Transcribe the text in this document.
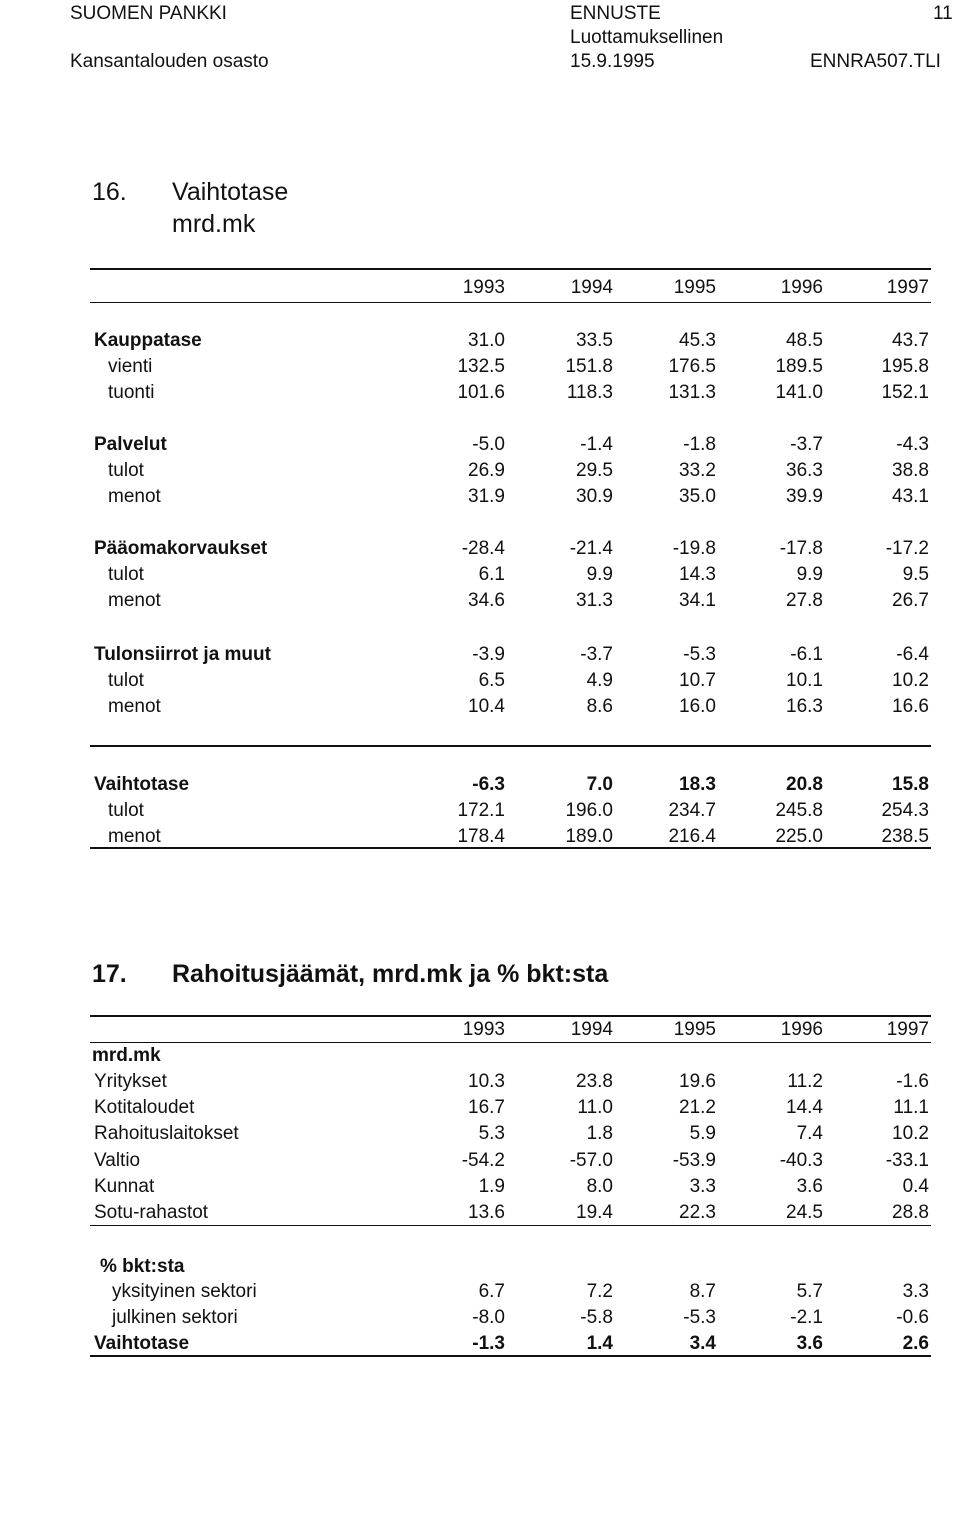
SUOMEN PANKKI
Kansantalouden osasto
ENNUSTE
Luottamuksellinen
15.9.1995
11
ENNRA507.TLI
16. Vaihtotase
mrd.mk
1993	1994	1995	1996	1997
Kauppatase	31.0	33.5	45.3	48.5	43.7
vienti	132.5	151.8	176.5	189.5	195.8
tuonti	101.6	118.3	131.3	141.0	152.1
Palvelut	-5.0	-1.4	-1.8	-3.7	-4.3
tulot	26.9	29.5	33.2	36.3	38.8
menot	31.9	30.9	35.0	39.9	43.1
Pääomakorvaukset	-28.4	-21.4	-19.8	-17.8	-17.2
tulot	6.1	9.9	14.3	9.9	9.5
menot	34.6	31.3	34.1	27.8	26.7
Tulonsiirrot ja muut	-3.9	-3.7	-5.3	-6.1	-6.4
tulot	6.5	4.9	10.7	10.1	10.2
menot	10.4	8.6	16.0	16.3	16.6
Vaihtotase	-6.3	7.0	18.3	20.8	15.8
tulot	172.1	196.0	234.7	245.8	254.3
menot	178.4	189.0	216.4	225.0	238.5
17. Rahoitusjäämät, mrd.mk ja % bkt:sta
1993	1994	1995	1996	1997
mrd.mk
Yritykset	10.3	23.8	19.6	11.2	-1.6
Kotitaloudet	16.7	11.0	21.2	14.4	11.1
Rahoituslaitokset	5.3	1.8	5.9	7.4	10.2
Valtio	-54.2	-57.0	-53.9	-40.3	-33.1
Kunnat	1.9	8.0	3.3	3.6	0.4
Sotu-rahastot	13.6	19.4	22.3	24.5	28.8
% bkt:sta
yksityinen sektori	6.7	7.2	8.7	5.7	3.3
julkinen sektori	-8.0	-5.8	-5.3	-2.1	-0.6
Vaihtotase	-1.3	1.4	3.4	3.6	2.6
